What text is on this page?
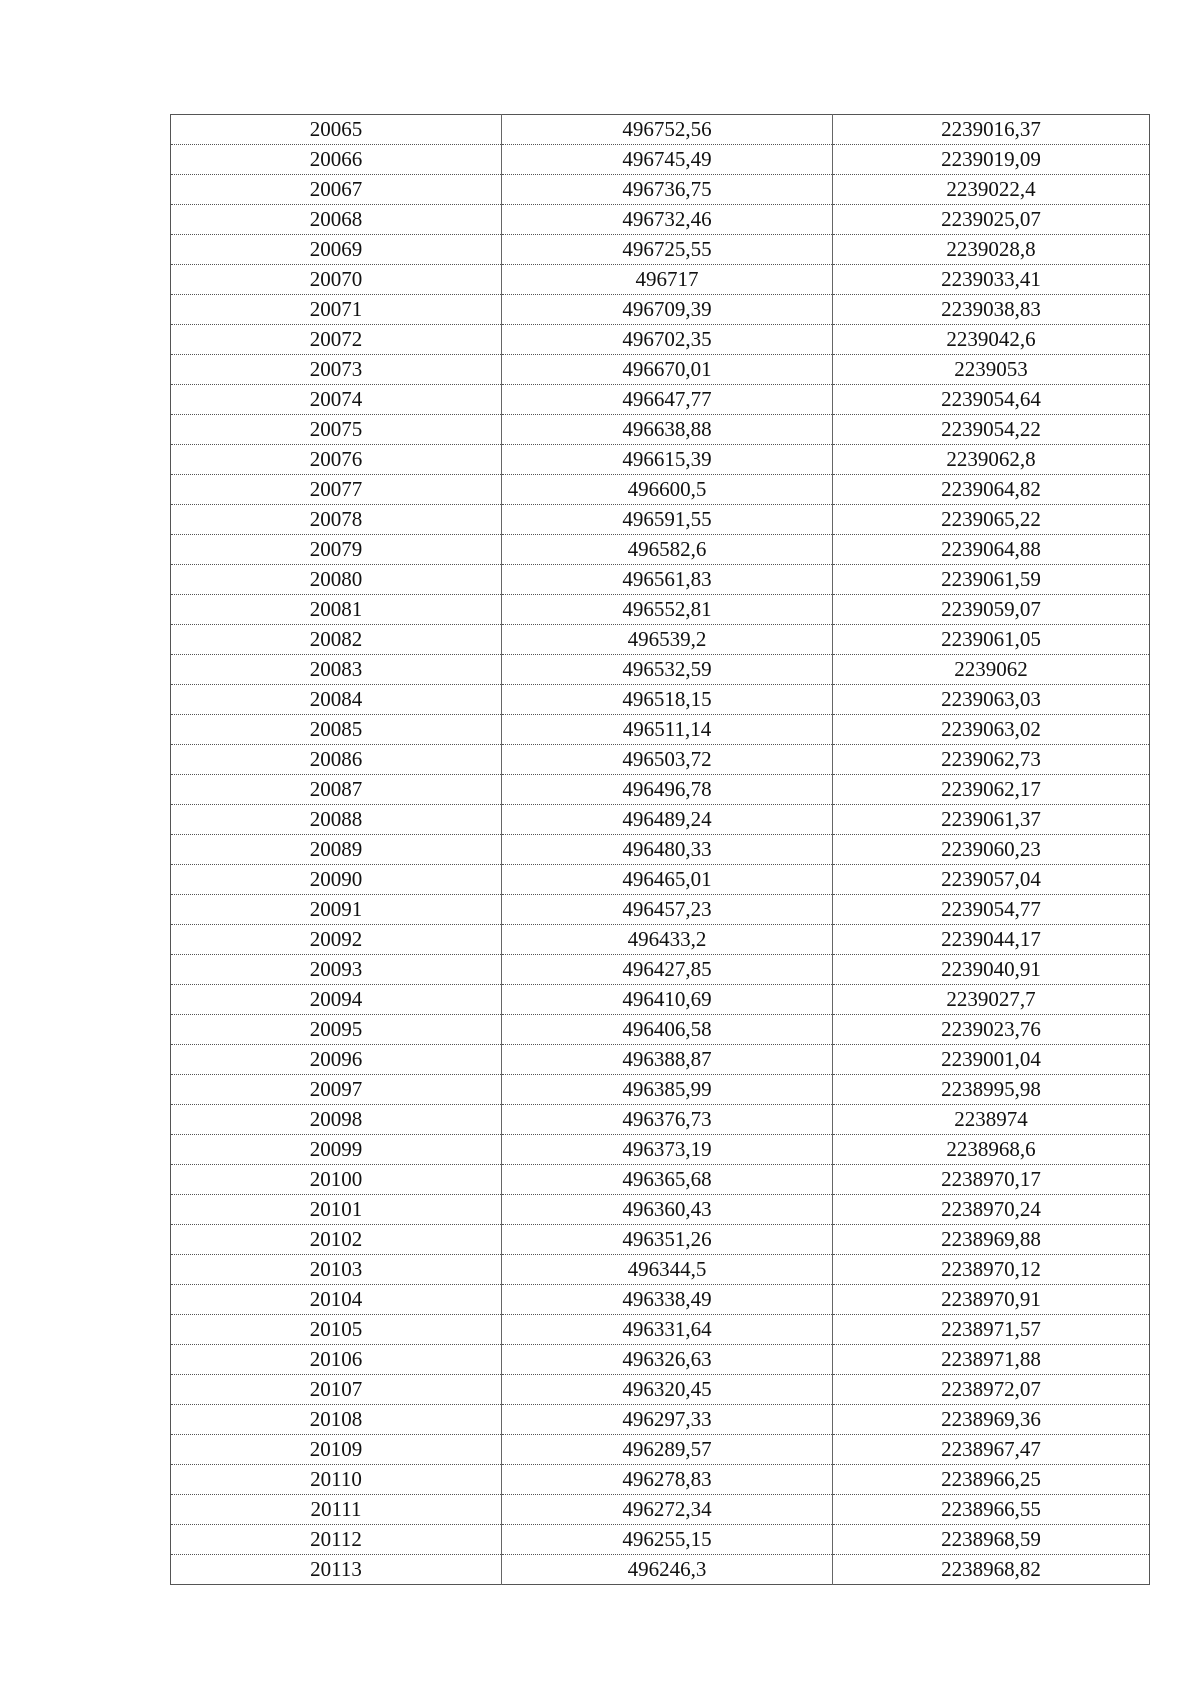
20065	496752,56	2239016,37
20066	496745,49	2239019,09
20067	496736,75	2239022,4
20068	496732,46	2239025,07
20069	496725,55	2239028,8
20070	496717	2239033,41
20071	496709,39	2239038,83
20072	496702,35	2239042,6
20073	496670,01	2239053
20074	496647,77	2239054,64
20075	496638,88	2239054,22
20076	496615,39	2239062,8
20077	496600,5	2239064,82
20078	496591,55	2239065,22
20079	496582,6	2239064,88
20080	496561,83	2239061,59
20081	496552,81	2239059,07
20082	496539,2	2239061,05
20083	496532,59	2239062
20084	496518,15	2239063,03
20085	496511,14	2239063,02
20086	496503,72	2239062,73
20087	496496,78	2239062,17
20088	496489,24	2239061,37
20089	496480,33	2239060,23
20090	496465,01	2239057,04
20091	496457,23	2239054,77
20092	496433,2	2239044,17
20093	496427,85	2239040,91
20094	496410,69	2239027,7
20095	496406,58	2239023,76
20096	496388,87	2239001,04
20097	496385,99	2238995,98
20098	496376,73	2238974
20099	496373,19	2238968,6
20100	496365,68	2238970,17
20101	496360,43	2238970,24
20102	496351,26	2238969,88
20103	496344,5	2238970,12
20104	496338,49	2238970,91
20105	496331,64	2238971,57
20106	496326,63	2238971,88
20107	496320,45	2238972,07
20108	496297,33	2238969,36
20109	496289,57	2238967,47
20110	496278,83	2238966,25
20111	496272,34	2238966,55
20112	496255,15	2238968,59
20113	496246,3	2238968,82
